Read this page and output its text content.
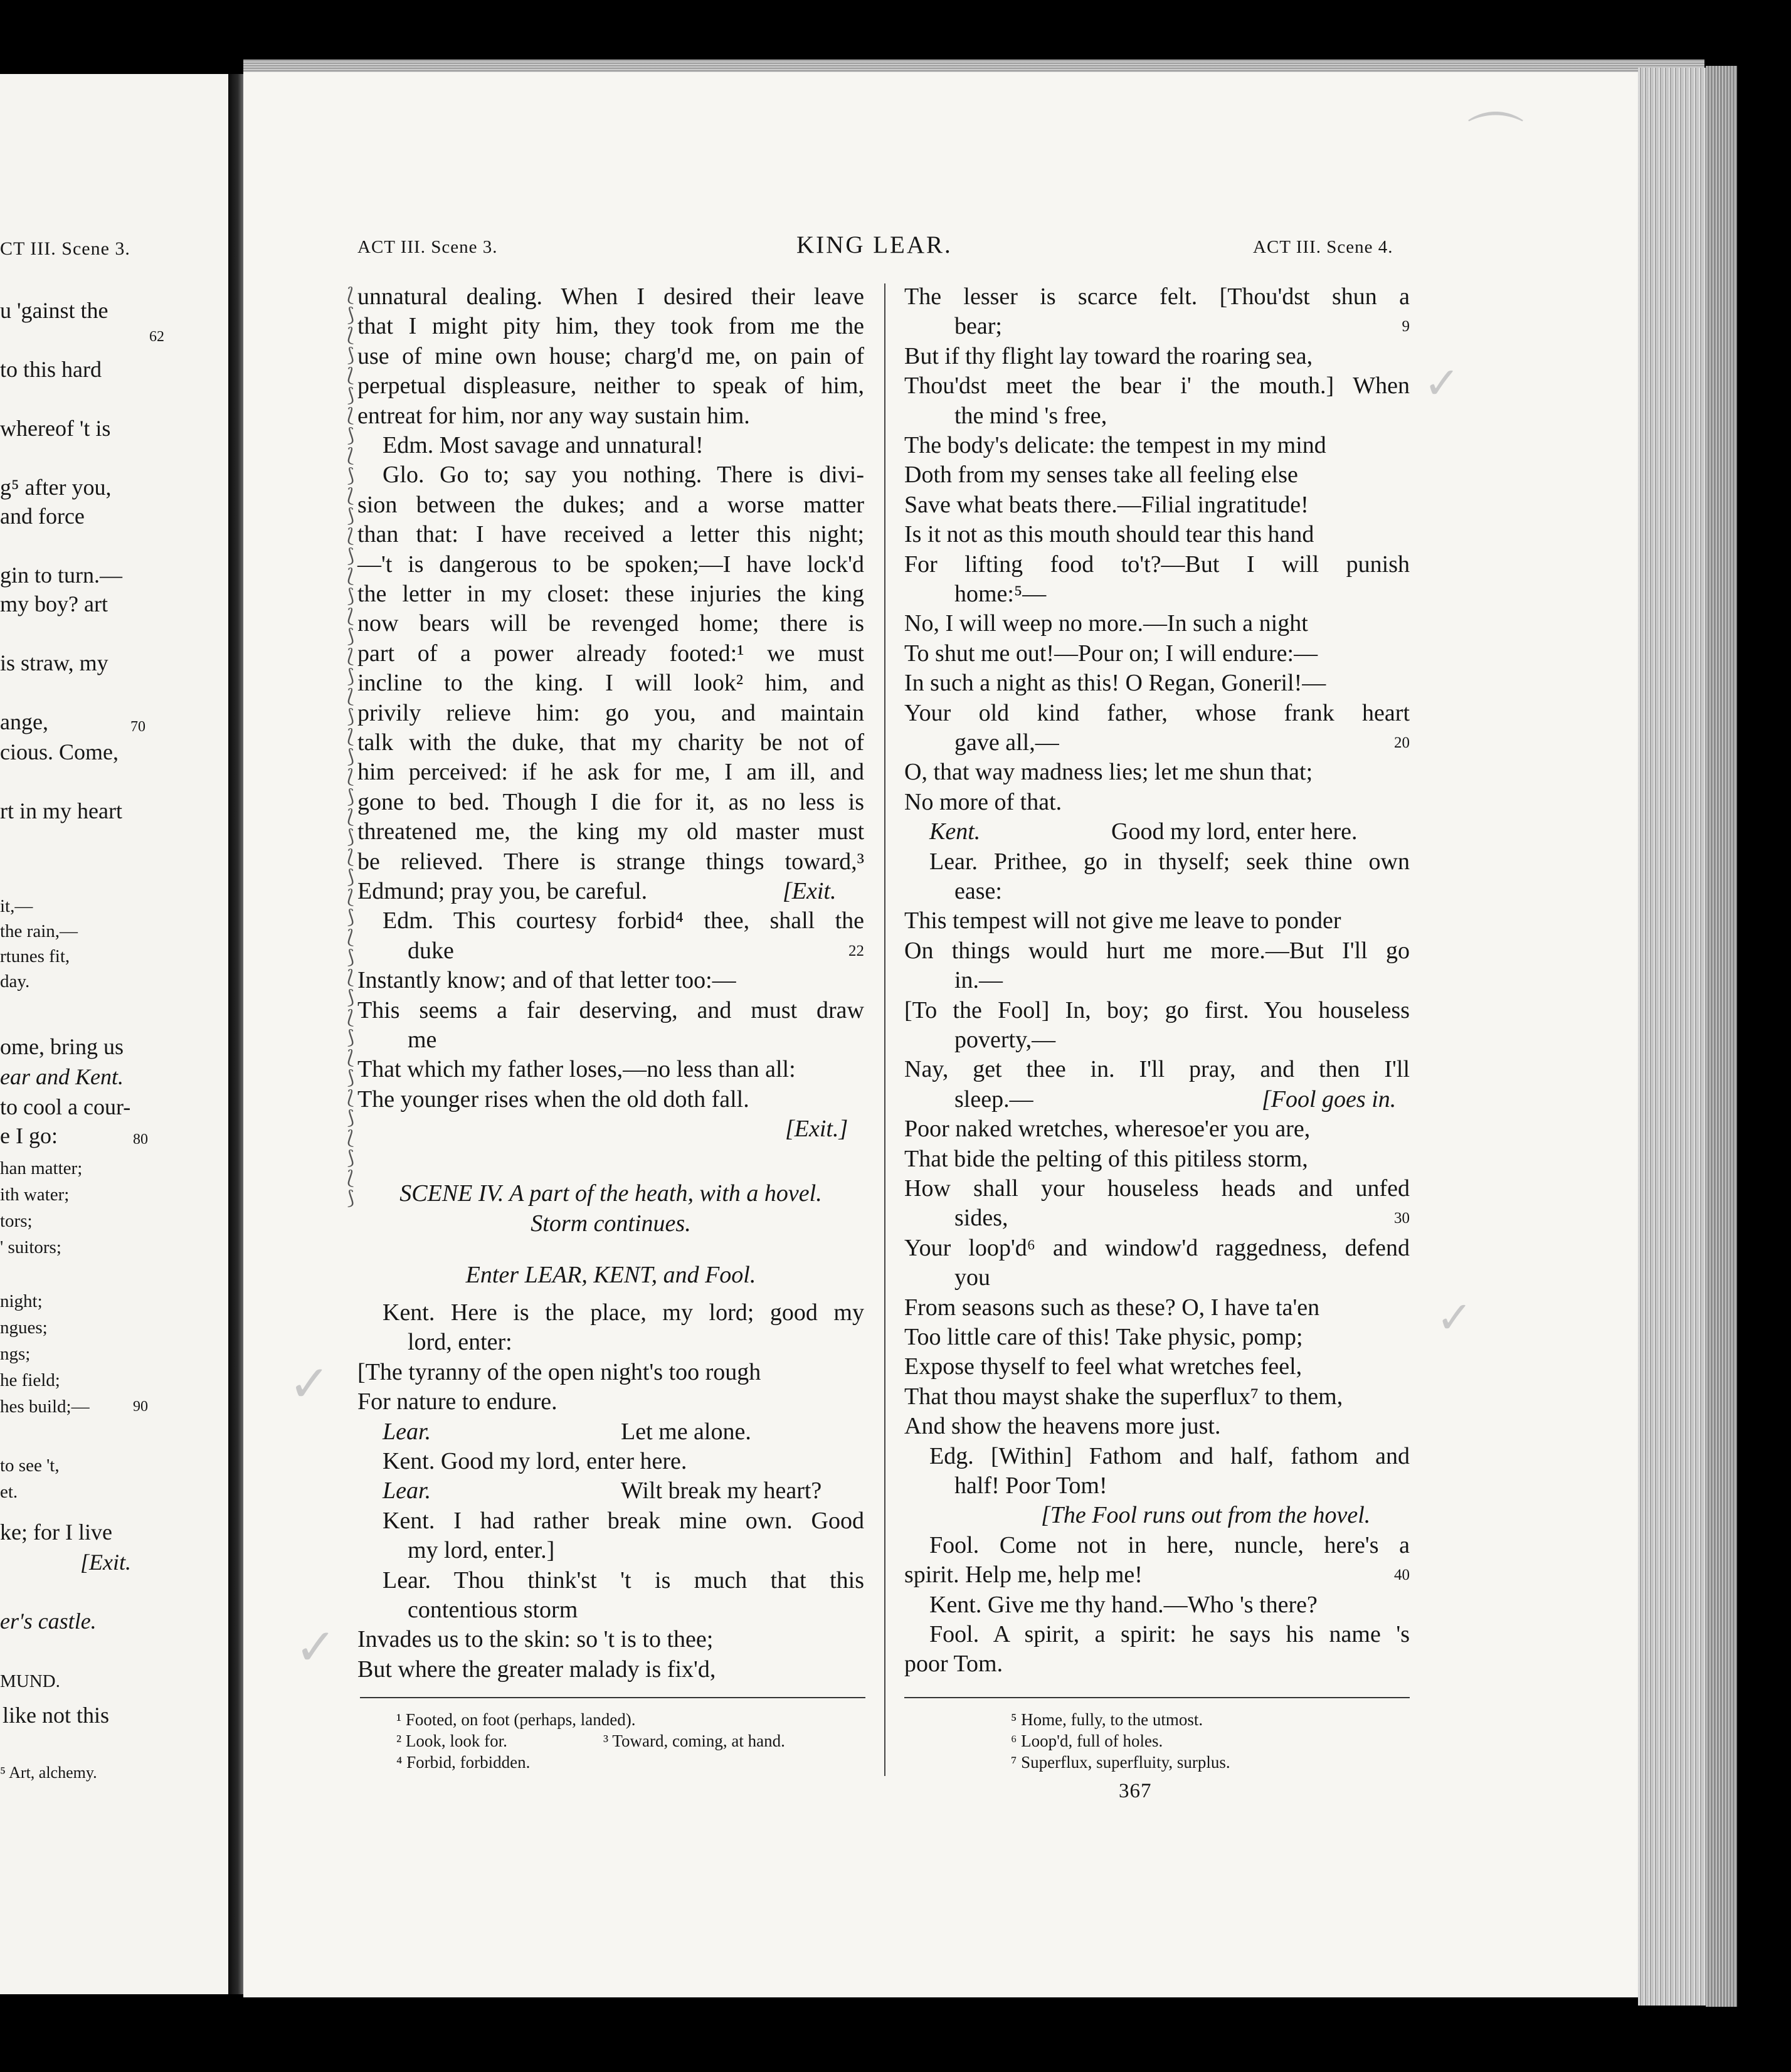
CT III. Scene 3.
u 'gainst the
62
to this hard
whereof 't is
g⁵ after you,
and force
gin to turn.—
my boy? art
is straw, my
ange,	70
cious. Come,
rt in my heart
it,—
the rain,—
rtunes fit,
day.
ome, bring us
ear and Kent.
to cool a cour-
e I go:	80
han matter;
ith water;
tors;
' suitors;
night;
ngues;
ngs;
he field;
hes build;—	90
to see 't,
et.
ke; for I live
[Exit.
er's castle.
MUND.
like not this
⁵ Art, alchemy.
ACT III. Scene 3.	KING LEAR.	ACT III. Scene 4.
⌒
✓
✓
✓
✓
unnatural dealing. When I desired their leave
that I might pity him, they took from me the
use of mine own house; charg'd me, on pain of
perpetual displeasure, neither to speak of him,
entreat for him, nor any way sustain him.
Edm. Most savage and unnatural!
Glo. Go to; say you nothing. There is divi-
sion between the dukes; and a worse matter
than that: I have received a letter this night;
—'t is dangerous to be spoken;—I have lock'd
the letter in my closet: these injuries the king
now bears will be revenged home; there is
part of a power already footed:¹ we must
incline to the king. I will look² him, and
privily relieve him: go you, and maintain
talk with the duke, that my charity be not of
him perceived: if he ask for me, I am ill, and
gone to bed. Though I die for it, as no less is
threatened me, the king my old master must
be relieved. There is strange things toward,³
Edmund; pray you, be careful.	[Exit.
Edm. This courtesy forbid⁴ thee, shall the
duke	22
Instantly know; and of that letter too:—
This seems a fair deserving, and must draw
me
That which my father loses,—no less than all:
The younger rises when the old doth fall.
[Exit.]
SCENE IV. A part of the heath, with a hovel.
Storm continues.
Enter LEAR, KENT, and Fool.
Kent. Here is the place, my lord; good my
lord, enter:
[The tyranny of the open night's too rough
For nature to endure.
Lear.	Let me alone.
Kent. Good my lord, enter here.
Lear.	Wilt break my heart?
Kent. I had rather break mine own. Good
my lord, enter.]
Lear. Thou think'st 't is much that this
contentious storm
Invades us to the skin: so 't is to thee;
But where the greater malady is fix'd,
⟅
⟆
⟅
⟆
⟅
⟆
⟅
⟆
⟅
⟆
⟅
⟆
⟅
⟆
⟅
⟆
⟅
⟆
⟅
⟆
⟅
⟆
⟅
⟆
⟅
⟆
⟅
⟆
⟅
⟆
⟅
⟆
⟅
⟆
⟅
⟆
⟅
⟆
⟅
⟆
⟅
⟆
⟅
⟆
⟅
⟆
The lesser is scarce felt. [Thou'dst shun a
bear;	9
But if thy flight lay toward the roaring sea,
Thou'dst meet the bear i' the mouth.] When
the mind 's free,
The body's delicate: the tempest in my mind
Doth from my senses take all feeling else
Save what beats there.—Filial ingratitude!
Is it not as this mouth should tear this hand
For lifting food to't?—But I will punish
home:⁵—
No, I will weep no more.—In such a night
To shut me out!—Pour on; I will endure:—
In such a night as this! O Regan, Goneril!—
Your old kind father, whose frank heart
gave all,—	20
O, that way madness lies; let me shun that;
No more of that.
Kent.	Good my lord, enter here.
Lear. Prithee, go in thyself; seek thine own
ease:
This tempest will not give me leave to ponder
On things would hurt me more.—But I'll go
in.—
[To the Fool] In, boy; go first. You houseless
poverty,—
Nay, get thee in. I'll pray, and then I'll
sleep.—	[Fool goes in.
Poor naked wretches, wheresoe'er you are,
That bide the pelting of this pitiless storm,
How shall your houseless heads and unfed
sides,	30
Your loop'd⁶ and window'd raggedness, defend
you
From seasons such as these? O, I have ta'en
Too little care of this! Take physic, pomp;
Expose thyself to feel what wretches feel,
That thou mayst shake the superflux⁷ to them,
And show the heavens more just.
Edg. [Within] Fathom and half, fathom and
half! Poor Tom!
[The Fool runs out from the hovel.
Fool. Come not in here, nuncle, here's a
spirit. Help me, help me!	40
Kent. Give me thy hand.—Who 's there?
Fool. A spirit, a spirit: he says his name 's
poor Tom.
¹ Footed, on foot (perhaps, landed).
² Look, look for.	³ Toward, coming, at hand.
⁴ Forbid, forbidden.
⁵ Home, fully, to the utmost.
⁶ Loop'd, full of holes.
⁷ Superflux, superfluity, surplus.
367
